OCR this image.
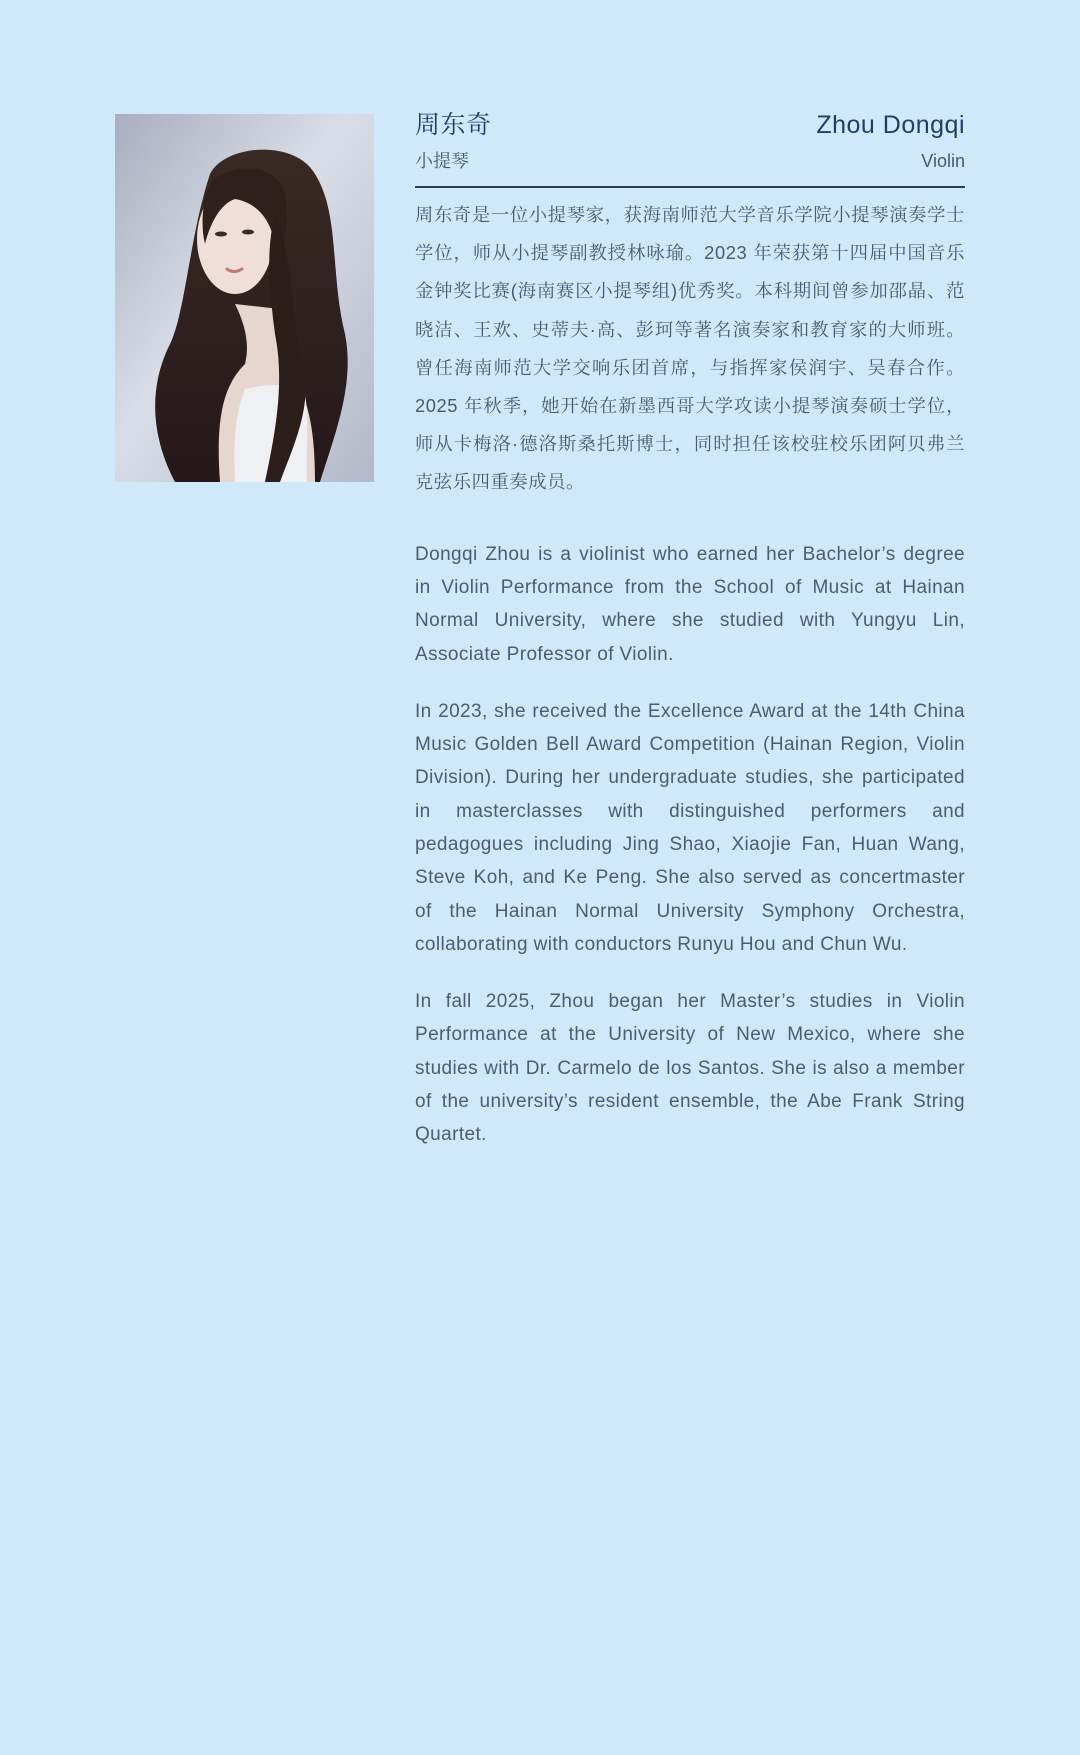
周东奇	Zhou Dongqi
小提琴	Violin

周东奇是一位小提琴家，获海南师范大学音乐学院小提琴演奏学士学位，师从小提琴副教授林咏瑜。2023 年荣获第十四届中国音乐金钟奖比赛(海南赛区小提琴组)优秀奖。本科期间曾参加邵晶、范晓洁、王欢、史蒂夫·高、彭珂等著名演奏家和教育家的大师班。曾任海南师范大学交响乐团首席，与指挥家侯润宇、吴春合作。2025 年秋季，她开始在新墨西哥大学攻读小提琴演奏硕士学位，师从卡梅洛·德洛斯桑托斯博士，同时担任该校驻校乐团阿贝弗兰克弦乐四重奏成员。

Dongqi Zhou is a violinist who earned her Bachelor’s degree in Violin Performance from the School of Music at Hainan Normal University, where she studied with Yungyu Lin, Associate Professor of Violin.

In 2023, she received the Excellence Award at the 14th China Music Golden Bell Award Competition (Hainan Region, Violin Division). During her undergraduate studies, she participated in masterclasses with distinguished performers and pedagogues including Jing Shao, Xiaojie Fan, Huan Wang, Steve Koh, and Ke Peng. She also served as concertmaster of the Hainan Normal University Symphony Orchestra, collaborating with conductors Runyu Hou and Chun Wu.

In fall 2025, Zhou began her Master’s studies in Violin Performance at the University of New Mexico, where she studies with Dr. Carmelo de los Santos. She is also a member of the university’s resident ensemble, the Abe Frank String Quartet.
